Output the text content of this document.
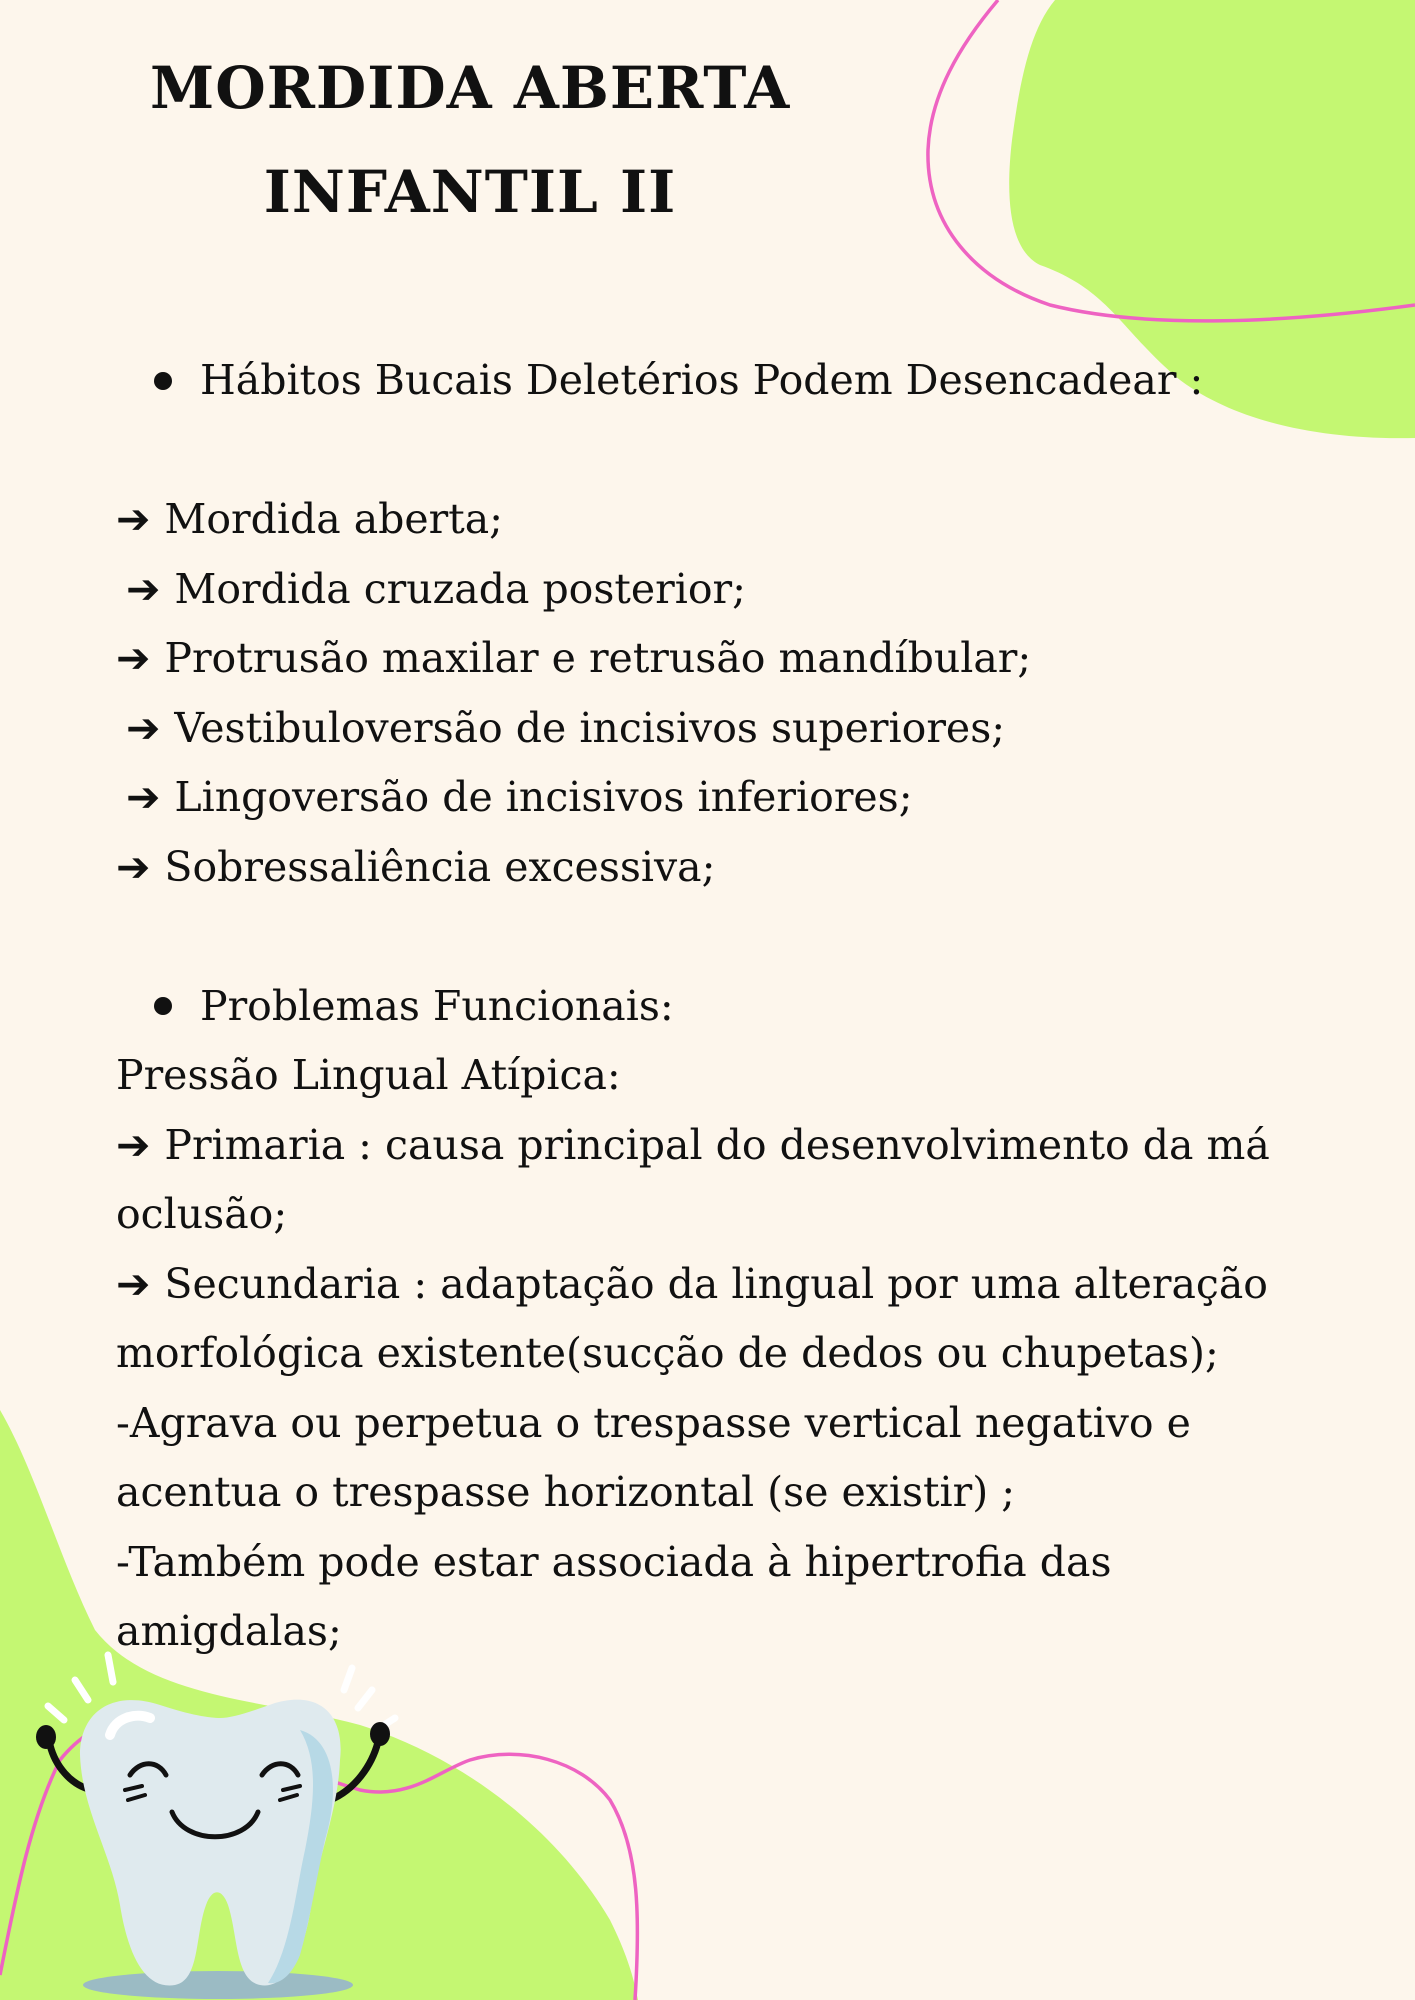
MORDIDA ABERTA
INFANTIL II
Hábitos Bucais Deletérios Podem Desencadear :
➔ Mordida aberta;
➔ Mordida cruzada posterior;
➔ Protrusão maxilar e retrusão mandíbular;
➔ Vestibuloversão de incisivos superiores;
➔ Lingoversão de incisivos inferiores;
➔ Sobressaliência excessiva;
Problemas Funcionais:
Pressão Lingual Atípica:
➔ Primaria : causa principal do desenvolvimento da má
oclusão;
➔ Secundaria : adaptação da lingual por uma alteração
morfológica existente(sucção de dedos ou chupetas);
-Agrava ou perpetua o trespasse vertical negativo e
acentua o trespasse horizontal (se existir) ;
-Também pode estar associada à hipertrofia das
amigdalas;
